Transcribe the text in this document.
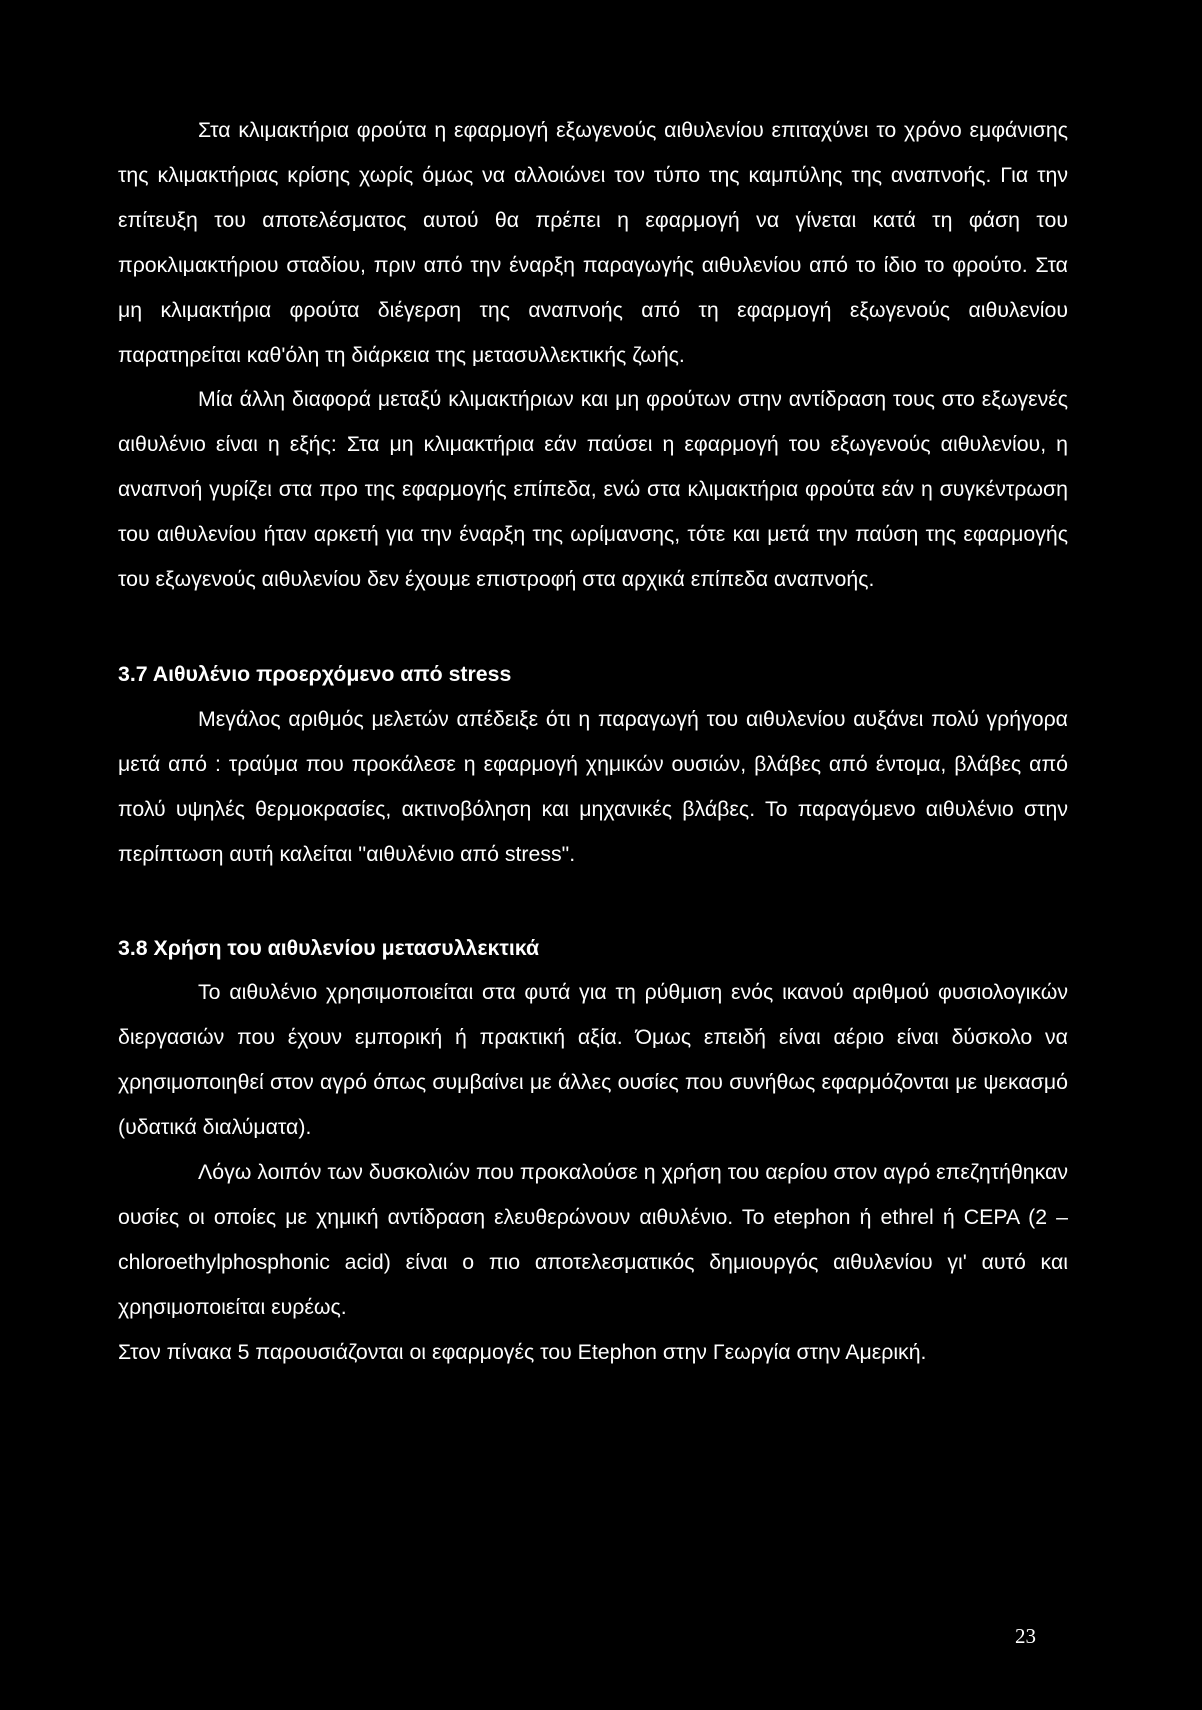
Στα κλιμακτήρια φρούτα η εφαρμογή εξωγενούς αιθυλενίου επιταχύνει το χρόνο εμφάνισης της κλιμακτήριας κρίσης χωρίς όμως να αλλοιώνει τον τύπο της καμπύλης της αναπνοής. Για την επίτευξη του αποτελέσματος αυτού θα πρέπει η εφαρμογή να γίνεται κατά τη φάση του προκλιμακτήριου σταδίου, πριν από την έναρξη παραγωγής αιθυλενίου από το ίδιο το φρούτο. Στα μη κλιμακτήρια φρούτα διέγερση της αναπνοής από τη εφαρμογή εξωγενούς αιθυλενίου παρατηρείται καθ'όλη τη διάρκεια της μετασυλλεκτικής ζωής.

Μία άλλη διαφορά μεταξύ κλιμακτήριων και μη φρούτων στην αντίδραση τους στο εξωγενές αιθυλένιο είναι η εξής: Στα μη κλιμακτήρια εάν παύσει η εφαρμογή του εξωγενούς αιθυλενίου, η αναπνοή γυρίζει στα προ της εφαρμογής επίπεδα, ενώ στα κλιμακτήρια φρούτα εάν η συγκέντρωση του αιθυλενίου ήταν αρκετή για την έναρξη της ωρίμανσης, τότε και μετά την παύση της εφαρμογής του εξωγενούς αιθυλενίου δεν έχουμε επιστροφή στα αρχικά επίπεδα αναπνοής.

3.7 Αιθυλένιο προερχόμενο από stress

Μεγάλος αριθμός μελετών απέδειξε ότι η παραγωγή του αιθυλενίου αυξάνει πολύ γρήγορα μετά από : τραύμα που προκάλεσε η εφαρμογή χημικών ουσιών, βλάβες από έντομα, βλάβες από πολύ υψηλές θερμοκρασίες, ακτινοβόληση και μηχανικές βλάβες. Το παραγόμενο αιθυλένιο στην περίπτωση αυτή καλείται ''αιθυλένιο από stress".

3.8 Χρήση του αιθυλενίου μετασυλλεκτικά

Το αιθυλένιο χρησιμοποιείται στα φυτά για τη ρύθμιση ενός ικανού αριθμού φυσιολογικών διεργασιών που έχουν εμπορική ή πρακτική αξία. Όμως επειδή είναι αέριο είναι δύσκολο να χρησιμοποιηθεί στον αγρό όπως συμβαίνει με άλλες ουσίες που συνήθως εφαρμόζονται με ψεκασμό (υδατικά διαλύματα).

Λόγω λοιπόν των δυσκολιών που προκαλούσε η χρήση του αερίου στον αγρό επεζητήθηκαν ουσίες οι οποίες με χημική αντίδραση ελευθερώνουν αιθυλένιο. Το etephon ή ethrel ή CEPA (2 – chloroethylphosphonic acid) είναι ο πιο αποτελεσματικός δημιουργός αιθυλενίου γι' αυτό και χρησιμοποιείται ευρέως.

Στον πίνακα 5 παρουσιάζονται οι εφαρμογές του Etephon στην Γεωργία στην Αμερική.

23
